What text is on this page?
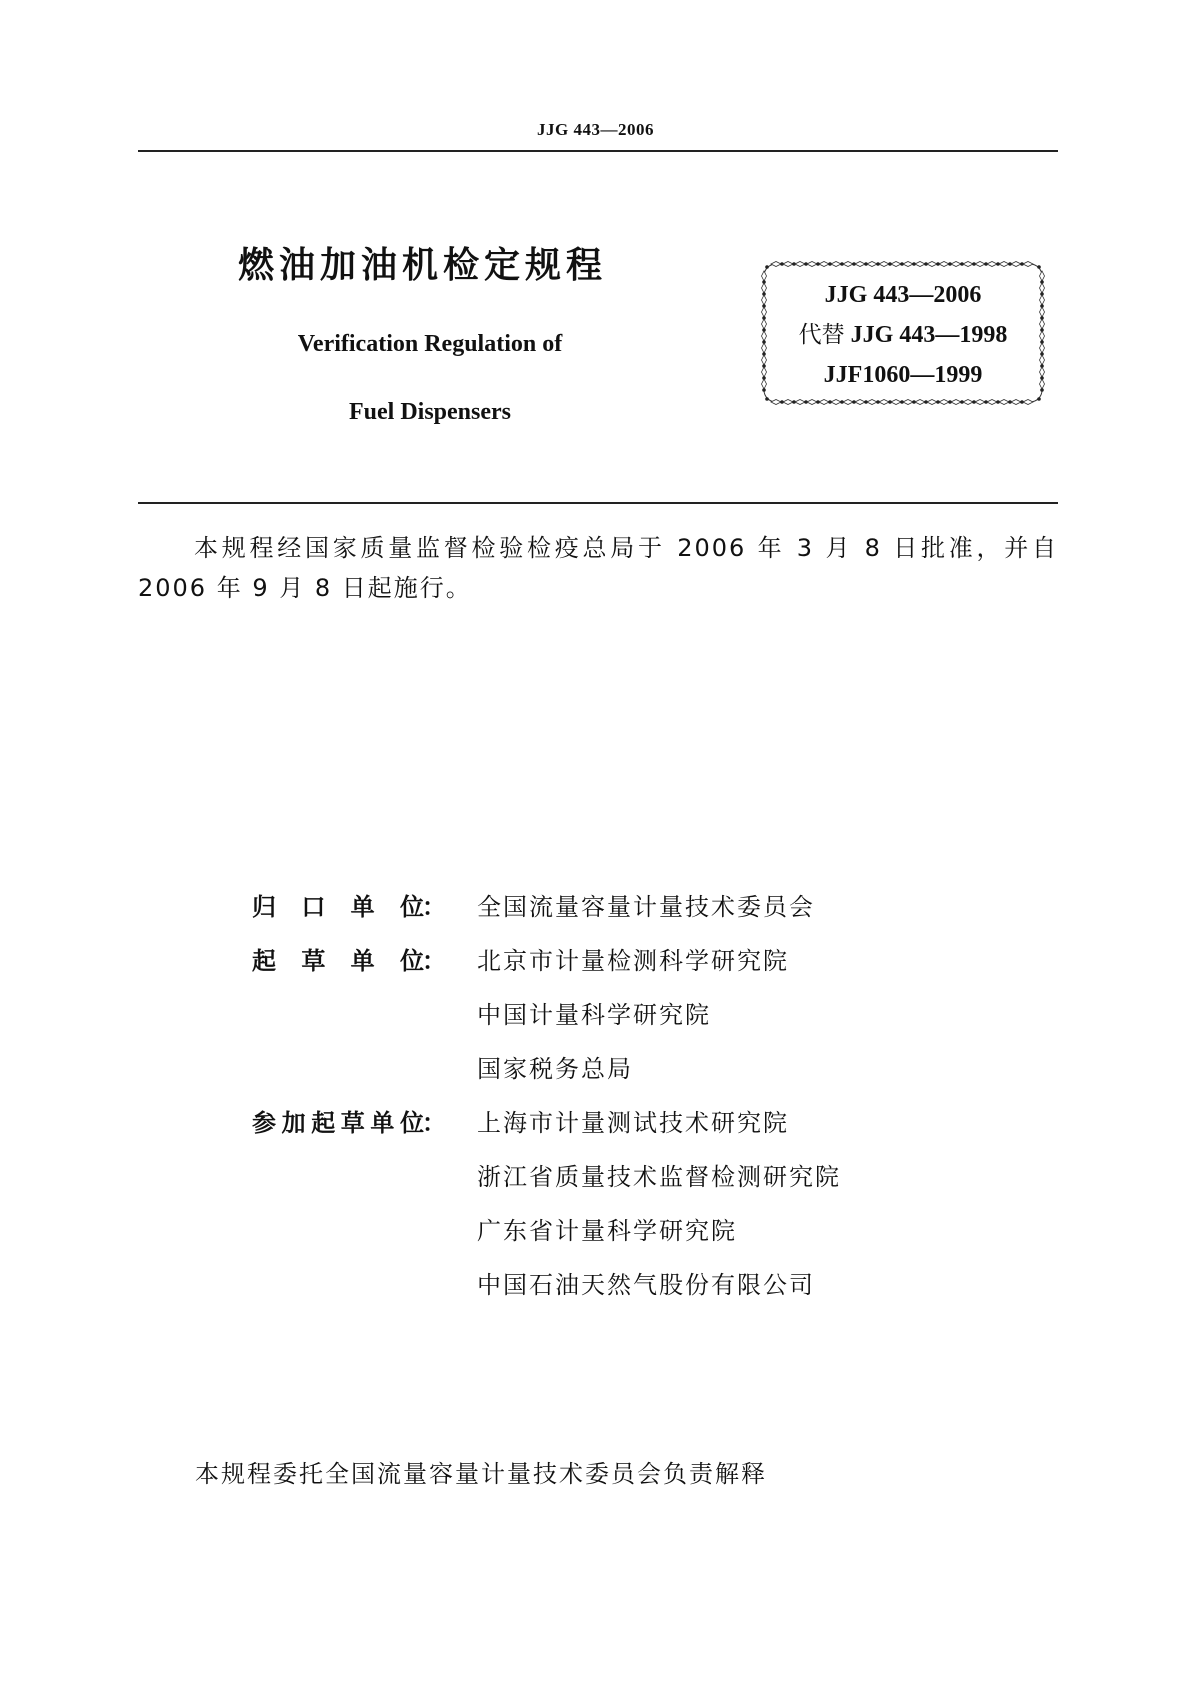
JJG 443—2006
燃油加油机检定规程
Verification Regulation of
Fuel Dispensers
JJG 443—2006
代替 JJG 443—1998
JJF1060—1999
本规程经国家质量监督检验检疫总局于 2006 年 3 月 8 日批准，并自 2006 年 9 月 8 日起施行。
归口单位
： 全国流量容量计量技术委员会
起草单位
： 北京市计量检测科学研究院
中国计量科学研究院
国家税务总局
参加起草单位
： 上海市计量测试技术研究院
浙江省质量技术监督检测研究院
广东省计量科学研究院
中国石油天然气股份有限公司
本规程委托全国流量容量计量技术委员会负责解释
